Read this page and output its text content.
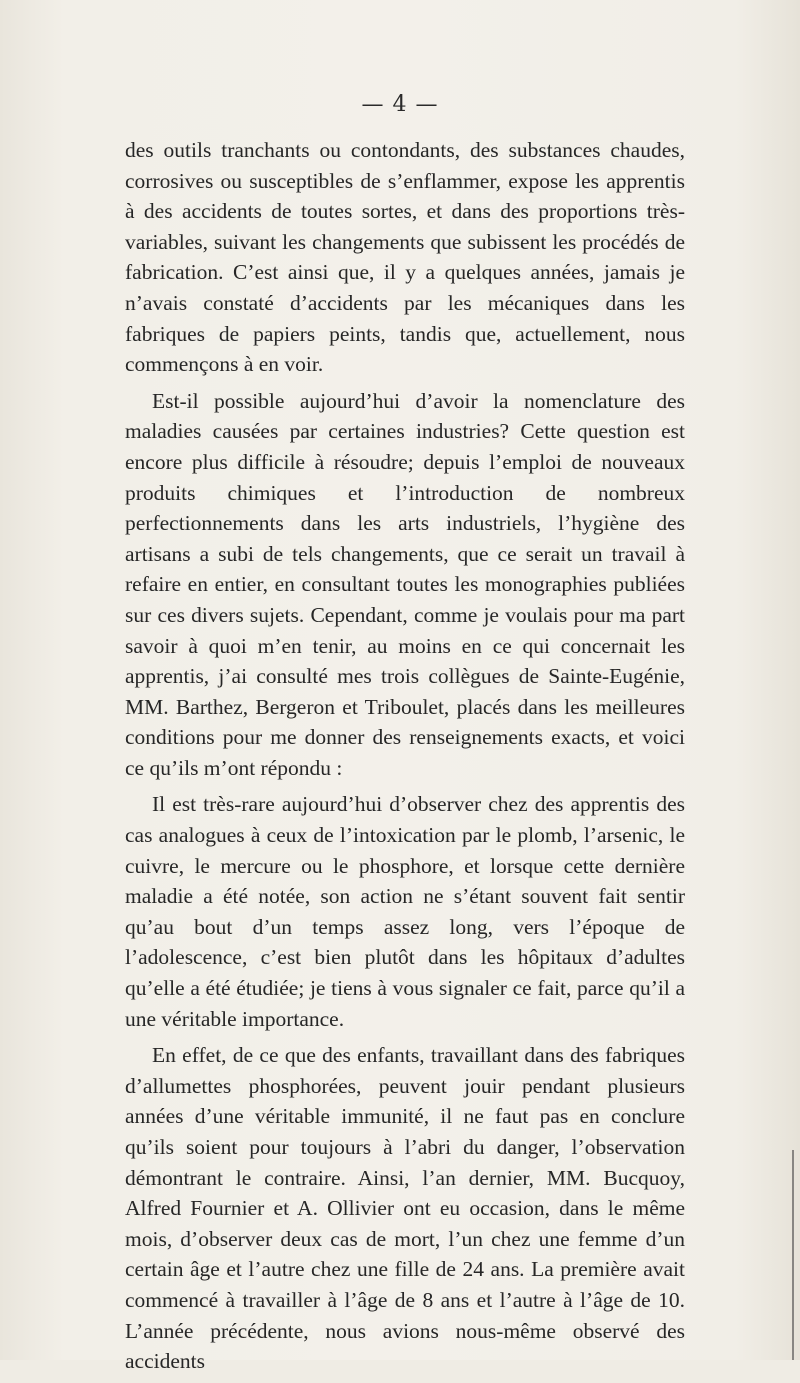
— 4 —

des outils tranchants ou contondants, des substances chaudes, corrosives ou susceptibles de s’enflammer, expose les apprentis à des accidents de toutes sortes, et dans des proportions très-variables, suivant les changements que subissent les procédés de fabrication. C’est ainsi que, il y a quelques années, jamais je n’avais constaté d’accidents par les mécaniques dans les fabriques de papiers peints, tandis que, actuellement, nous commençons à en voir.

Est-il possible aujourd’hui d’avoir la nomenclature des maladies causées par certaines industries? Cette question est encore plus difficile à résoudre; depuis l’emploi de nouveaux produits chimiques et l’introduction de nombreux perfectionnements dans les arts industriels, l’hygiène des artisans a subi de tels changements, que ce serait un travail à refaire en entier, en consultant toutes les monographies publiées sur ces divers sujets. Cependant, comme je voulais pour ma part savoir à quoi m’en tenir, au moins en ce qui concernait les apprentis, j’ai consulté mes trois collègues de Sainte-Eugénie, MM. Barthez, Bergeron et Triboulet, placés dans les meilleures conditions pour me donner des renseignements exacts, et voici ce qu’ils m’ont répondu :

Il est très-rare aujourd’hui d’observer chez des apprentis des cas analogues à ceux de l’intoxication par le plomb, l’arsenic, le cuivre, le mercure ou le phosphore, et lorsque cette dernière maladie a été notée, son action ne s’étant souvent fait sentir qu’au bout d’un temps assez long, vers l’époque de l’adolescence, c’est bien plutôt dans les hôpitaux d’adultes qu’elle a été étudiée; je tiens à vous signaler ce fait, parce qu’il a une véritable importance.

En effet, de ce que des enfants, travaillant dans des fabriques d’allumettes phosphorées, peuvent jouir pendant plusieurs années d’une véritable immunité, il ne faut pas en conclure qu’ils soient pour toujours à l’abri du danger, l’observation démontrant le contraire. Ainsi, l’an dernier, MM. Bucquoy, Alfred Fournier et A. Ollivier ont eu occasion, dans le même mois, d’observer deux cas de mort, l’un chez une femme d’un certain âge et l’autre chez une fille de 24 ans. La première avait commencé à travailler à l’âge de 8 ans et l’autre à l’âge de 10. L’année précédente, nous avions nous-même observé des accidents
